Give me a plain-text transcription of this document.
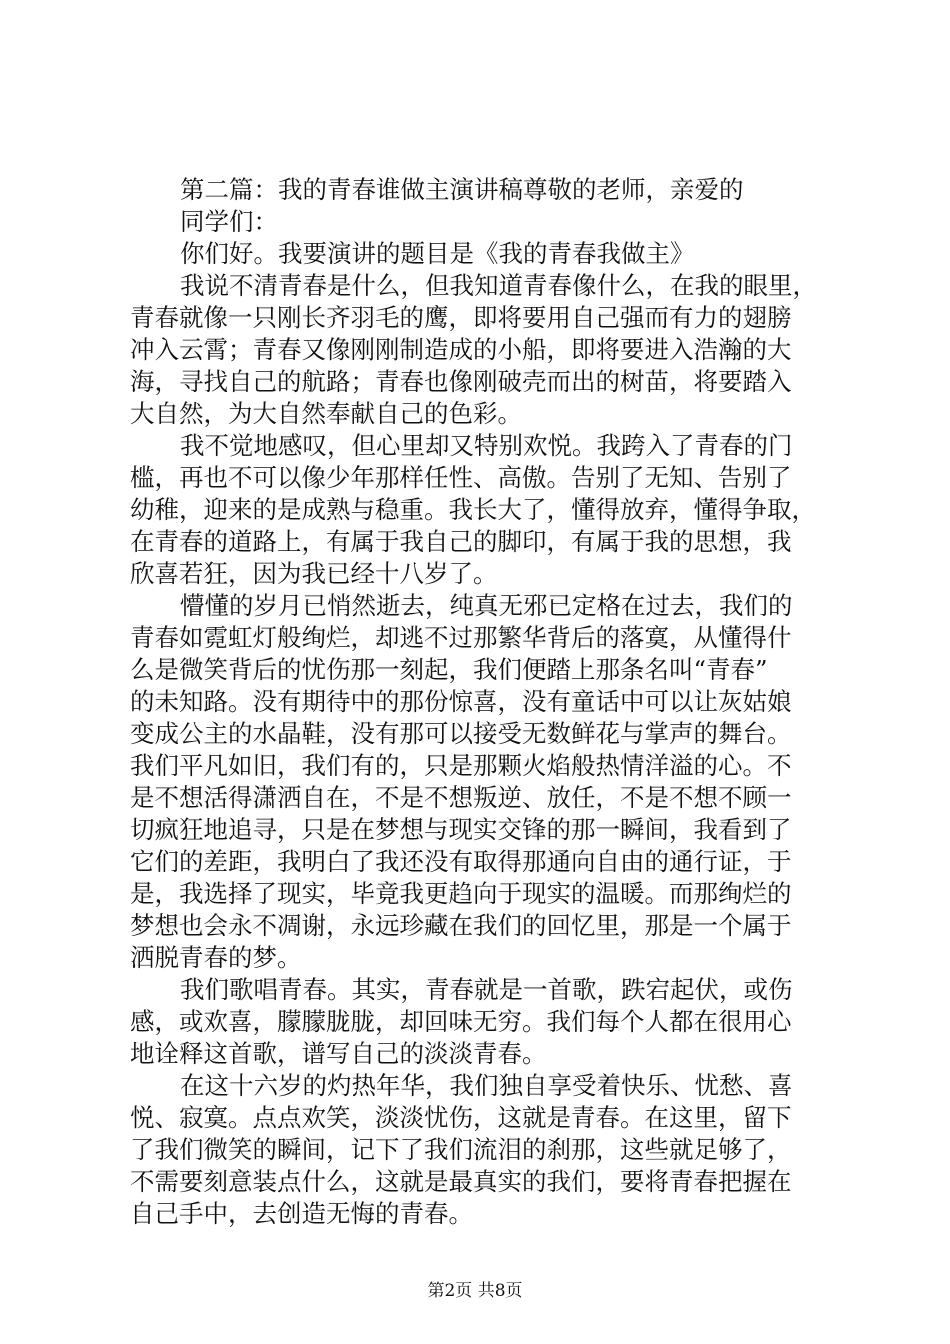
第二篇：我的青春谁做主演讲稿尊敬的老师，亲爱的
同学们：
你们好。我要演讲的题目是《我的青春我做主》
我说不清青春是什么，但我知道青春像什么，在我的眼里，
青春就像一只刚长齐羽毛的鹰，即将要用自己强而有力的翅膀
冲入云霄；青春又像刚刚制造成的小船，即将要进入浩瀚的大
海，寻找自己的航路；青春也像刚破壳而出的树苗，将要踏入
大自然，为大自然奉献自己的色彩。
我不觉地感叹，但心里却又特别欢悦。我跨入了青春的门
槛，再也不可以像少年那样任性、高傲。告别了无知、告别了
幼稚，迎来的是成熟与稳重。我长大了，懂得放弃，懂得争取，
在青春的道路上，有属于我自己的脚印，有属于我的思想，我
欣喜若狂，因为我已经十八岁了。
懵懂的岁月已悄然逝去，纯真无邪已定格在过去，我们的
青春如霓虹灯般绚烂，却逃不过那繁华背后的落寞，从懂得什
么是微笑背后的忧伤那一刻起，我们便踏上那条名叫“青春”
的未知路。没有期待中的那份惊喜，没有童话中可以让灰姑娘
变成公主的水晶鞋，没有那可以接受无数鲜花与掌声的舞台。
我们平凡如旧，我们有的，只是那颗火焰般热情洋溢的心。不
是不想活得潇洒自在，不是不想叛逆、放任，不是不想不顾一
切疯狂地追寻，只是在梦想与现实交锋的那一瞬间，我看到了
它们的差距，我明白了我还没有取得那通向自由的通行证，于
是，我选择了现实，毕竟我更趋向于现实的温暖。而那绚烂的
梦想也会永不凋谢，永远珍藏在我们的回忆里，那是一个属于
洒脱青春的梦。
我们歌唱青春。其实，青春就是一首歌，跌宕起伏，或伤
感，或欢喜，朦朦胧胧，却回味无穷。我们每个人都在很用心
地诠释这首歌，谱写自己的淡淡青春。
在这十六岁的灼热年华，我们独自享受着快乐、忧愁、喜
悦、寂寞。点点欢笑，淡淡忧伤，这就是青春。在这里，留下
了我们微笑的瞬间，记下了我们流泪的刹那，这些就足够了，
不需要刻意装点什么，这就是最真实的我们，要将青春把握在
自己手中，去创造无悔的青春。
第2页 共8页
